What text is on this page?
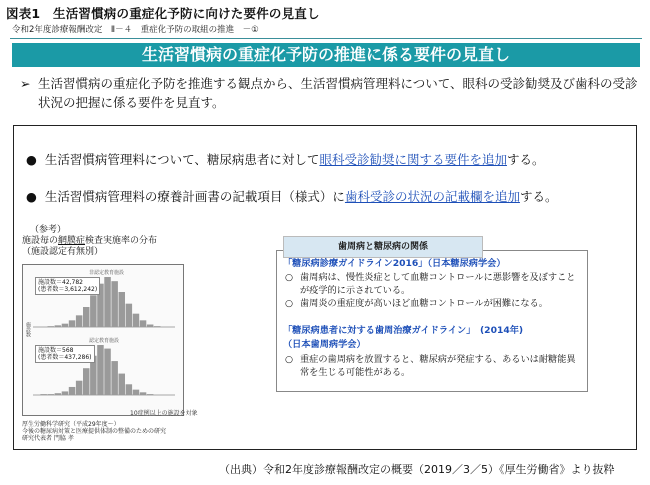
図表1　生活習慣病の重症化予防に向けた要件の見直し
令和2年度診療報酬改定　Ⅱ－４　重症化予防の取組の推進　－①
生活習慣病の重症化予防の推進に係る要件の見直し
➢ 生活習慣病の重症化予防を推進する観点から、生活習慣病管理料について、眼科の受診勧奨及び歯科の受診状況の把握に係る要件を見直す。
● 生活習慣病管理料について、糖尿病患者に対して眼科受診勧奨に関する要件を追加する。
● 生活習慣病管理料の療養計画書の記載項目（様式）に歯科受診の状況の記載欄を追加する。
（参考）
施設毎の網膜症検査実施率の分布
（施設認定有無別）
非認定教育施設
施設数＝42,782
(患者数＝3,612,242)
認定教育施設
施設数＝568
(患者数＝437,286)
施設数
10症例以上の施設を対象
厚生労働科学研究（平成29年度～）
今後の糖尿病対策と医療提供体制の整備のための研究
研究代表者 門脇 孝
歯周病と糖尿病の関係
「糖尿病診療ガイドライン2016」（日本糖尿病学会）
○ 歯周病は、慢性炎症として血糖コントロールに悪影響を及ぼすことが疫学的に示されている。
○ 歯周炎の重症度が高いほど血糖コントロールが困難になる。
「糖尿病患者に対する歯周治療ガイドライン」　(2014年)
（日本歯周病学会）
○ 重症の歯周病を放置すると、糖尿病が発症する、あるいは耐糖能異常を生じる可能性がある。
（出典）令和2年度診療報酬改定の概要（2019／3／5）《厚生労働省》より抜粋
